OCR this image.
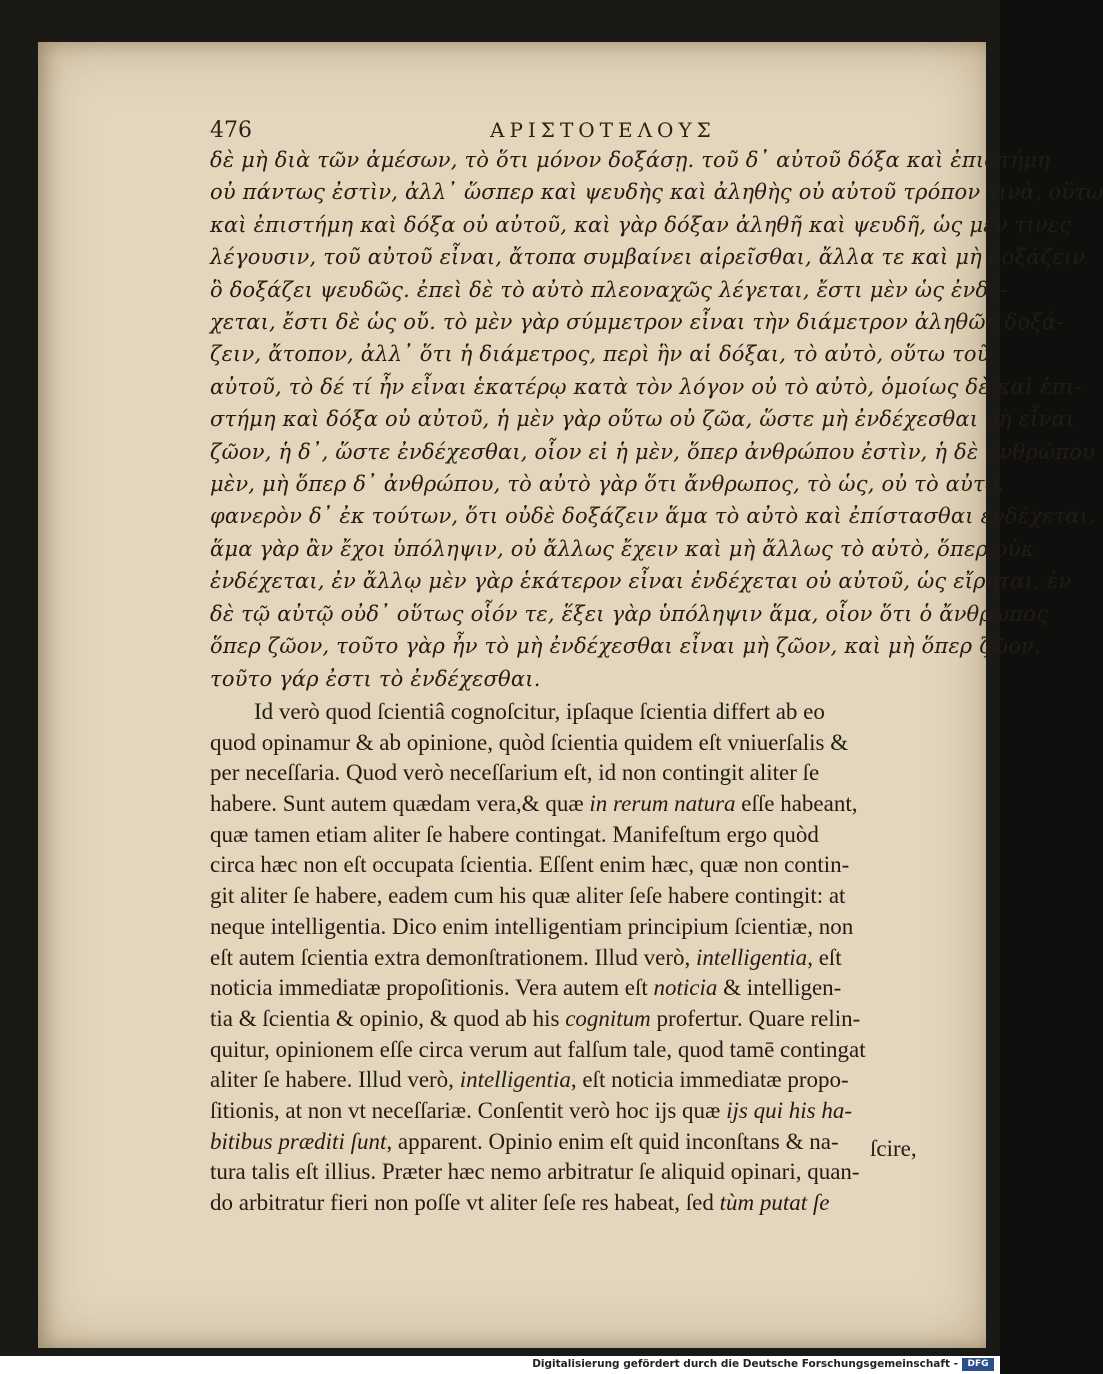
476	ΑΡΙΣΤΟΤΕΛΟΥΣ
δὲ μὴ διὰ τῶν ἀμέσων, τὸ ὅτι μόνον δοξάσῃ. τοῦ δ᾽ αὐτοῦ δόξα καὶ ἐπιστήμη
οὐ πάντως ἐστὶν, ἀλλ᾽ ὥσπερ καὶ ψευδὴς καὶ ἀληθὴς οὐ αὐτοῦ τρόπον τινὰ, οὕτω
καὶ ἐπιστήμη καὶ δόξα οὐ αὐτοῦ, καὶ γὰρ δόξαν ἀληθῆ καὶ ψευδῆ, ὡς μέν τινες
λέγουσιν, τοῦ αὐτοῦ εἶναι, ἄτοπα συμβαίνει αἱρεῖσθαι, ἄλλα τε καὶ μὴ δοξάζειν
ὃ δοξάζει ψευδῶς. ἐπεὶ δὲ τὸ αὐτὸ πλεοναχῶς λέγεται, ἔστι μὲν ὡς ἐνδέ-
χεται, ἔστι δὲ ὡς οὔ. τὸ μὲν γὰρ σύμμετρον εἶναι τὴν διάμετρον ἀληθῶς δοξά-
ζειν, ἄτοπον, ἀλλ᾽ ὅτι ἡ διάμετρος, περὶ ἣν αἱ δόξαι, τὸ αὐτὸ, οὕτω τοῦ
αὐτοῦ, τὸ δέ τί ἦν εἶναι ἑκατέρῳ κατὰ τὸν λόγον οὐ τὸ αὐτὸ, ὁμοίως δὲ καὶ ἐπι-
στήμη καὶ δόξα οὐ αὐτοῦ, ἡ μὲν γὰρ οὕτω οὐ ζῶα, ὥστε μὴ ἐνδέχεσθαι μὴ εἶναι
ζῶον, ἡ δ᾽, ὥστε ἐνδέχεσθαι, οἷον εἰ ἡ μὲν, ὅπερ ἀνθρώπου ἐστὶν, ἡ δὲ ἀνθρώπου
μὲν, μὴ ὅπερ δ᾽ ἀνθρώπου, τὸ αὐτὸ γὰρ ὅτι ἄνθρωπος, τὸ ὡς, οὐ τὸ αὐτό.
φανερὸν δ᾽ ἐκ τούτων, ὅτι οὐδὲ δοξάζειν ἅμα τὸ αὐτὸ καὶ ἐπίστασθαι ἐνδέχεται,
ἅμα γὰρ ἂν ἔχοι ὑπόληψιν, οὐ ἄλλως ἔχειν καὶ μὴ ἄλλως τὸ αὐτὸ, ὅπερ οὐκ
ἐνδέχεται, ἐν ἄλλῳ μὲν γὰρ ἑκάτερον εἶναι ἐνδέχεται οὐ αὐτοῦ, ὡς εἴρηται, ἐν
δὲ τῷ αὐτῷ οὐδ᾽ οὕτως οἷόν τε, ἕξει γὰρ ὑπόληψιν ἅμα, οἷον ὅτι ὁ ἄνθρωπος
ὅπερ ζῶον, τοῦτο γὰρ ἦν τὸ μὴ ἐνδέχεσθαι εἶναι μὴ ζῶον, καὶ μὴ ὅπερ ζῶον.
τοῦτο γάρ ἐστι τὸ ἐνδέχεσθαι.
Id verò quod ſcientiâ cognoſcitur, ipſaque ſcientia differt ab eo
quod opinamur & ab opinione, quòd ſcientia quidem eſt vniuerſalis &
per neceſſaria. Quod verò neceſſarium eſt, id non contingit aliter ſe
habere. Sunt autem quædam vera,& quæ in rerum natura eſſe habeant,
quæ tamen etiam aliter ſe habere contingat. Manifeſtum ergo quòd
circa hæc non eſt occupata ſcientia. Eſſent enim hæc, quæ non contin-
git aliter ſe habere, eadem cum his quæ aliter ſeſe habere contingit: at
neque intelligentia. Dico enim intelligentiam principium ſcientiæ, non
eſt autem ſcientia extra demonſtrationem. Illud verò, intelligentia, eſt
noticia immediatæ propoſitionis. Vera autem eſt noticia & intelligen-
tia & ſcientia & opinio, & quod ab his cognitum profertur. Quare relin-
quitur, opinionem eſſe circa verum aut falſum tale, quod tamē contingat
aliter ſe habere. Illud verò, intelligentia, eſt noticia immediatæ propo-
ſitionis, at non vt neceſſariæ. Conſentit verò hoc ijs quæ ijs qui his ha-
bitibus præditi ſunt, apparent. Opinio enim eſt quid inconſtans & na-
tura talis eſt illius. Præter hæc nemo arbitratur ſe aliquid opinari, quan-
do arbitratur fieri non poſſe vt aliter ſeſe res habeat, ſed tùm putat ſe
ſcire,
Digitalisierung gefördert durch die Deutsche Forschungsgemeinschaft -	DFG
